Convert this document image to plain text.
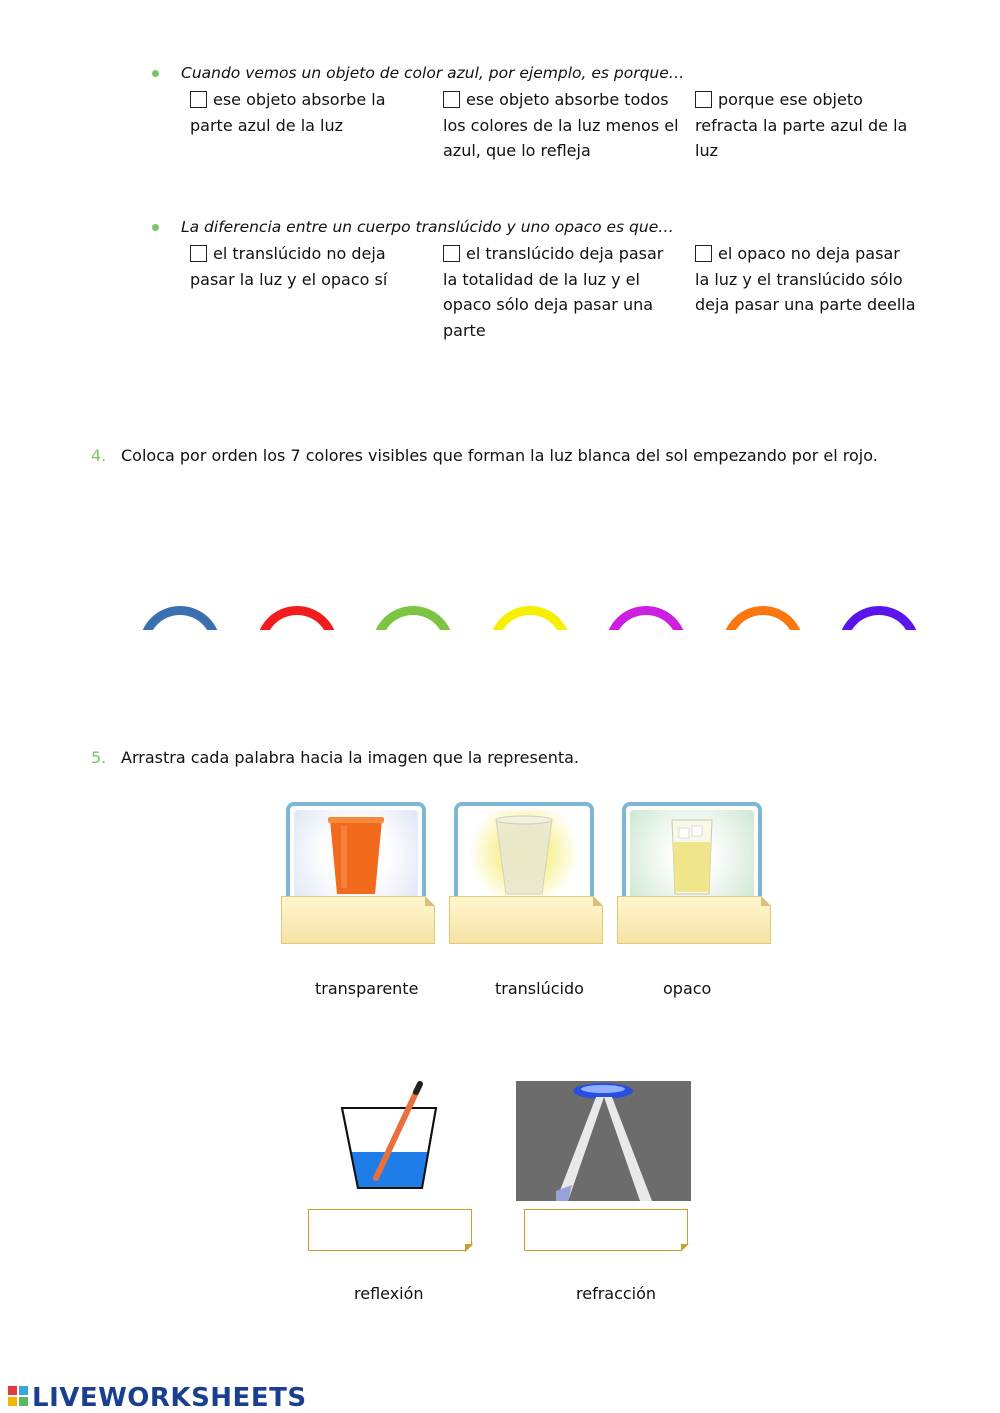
Cuando vemos un objeto de color azul, por ejemplo, es porque…
ese objeto absorbe la
parte azul de la luz
ese objeto absorbe todos
los colores de la luz menos el
azul, que lo refleja
porque ese objeto
refracta la parte azul de la
luz
La diferencia entre un cuerpo translúcido y uno opaco es que…
el translúcido no deja
pasar la luz y el opaco sí
el translúcido deja pasar
la totalidad de la luz y el
opaco sólo deja pasar una
parte
el opaco no deja pasar
la luz y el translúcido sólo
deja pasar una parte deella
4. Coloca por orden los 7 colores visibles que forman la luz blanca del sol empezando por el rojo.
5. Arrastra cada palabra hacia la imagen que la representa.
transparente	translúcido	opaco
reflexión	refracción
LIVEWORKSHEETS
